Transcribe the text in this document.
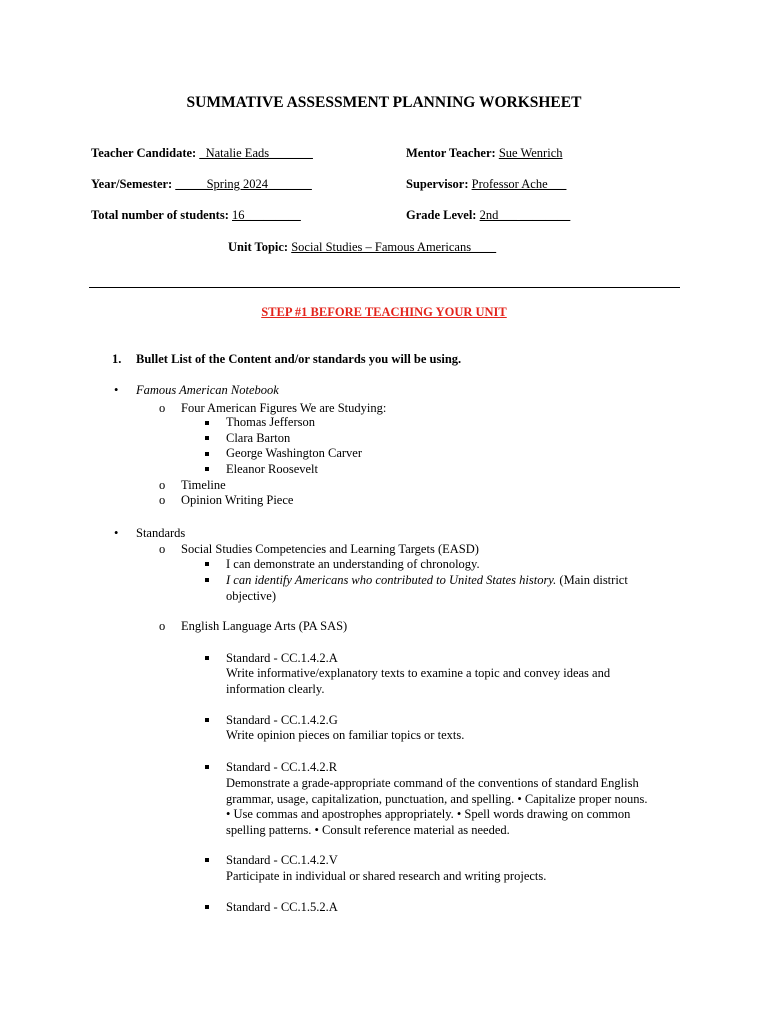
SUMMATIVE ASSESSMENT PLANNING WORKSHEET
Teacher Candidate: _Natalie Eads_______	Mentor Teacher: Sue Wenrich
Year/Semester: _____Spring 2024_______	Supervisor: Professor Ache___
Total number of students: 16_________	Grade Level: 2nd___ ________
Unit Topic: Social Studies – Famous Americans____
STEP #1 BEFORE TEACHING YOUR UNIT
1. Bullet List of the Content and/or standards you will be using.
• Famous American Notebook
o Four American Figures We are Studying:
Thomas Jefferson
Clara Barton
George Washington Carver
Eleanor Roosevelt
o Timeline
o Opinion Writing Piece
• Standards
o Social Studies Competencies and Learning Targets (EASD)
I can demonstrate an understanding of chronology.
I can identify Americans who contributed to United States history. (Main district
objective)
o English Language Arts (PA SAS)
Standard - CC.1.4.2.A
Write informative/explanatory texts to examine a topic and convey ideas and
information clearly.
Standard - CC.1.4.2.G
Write opinion pieces on familiar topics or texts.
Standard - CC.1.4.2.R
Demonstrate a grade-appropriate command of the conventions of standard English
grammar, usage, capitalization, punctuation, and spelling. • Capitalize proper nouns.
• Use commas and apostrophes appropriately. • Spell words drawing on common
spelling patterns. • Consult reference material as needed.
Standard - CC.1.4.2.V
Participate in individual or shared research and writing projects.
Standard - CC.1.5.2.A
